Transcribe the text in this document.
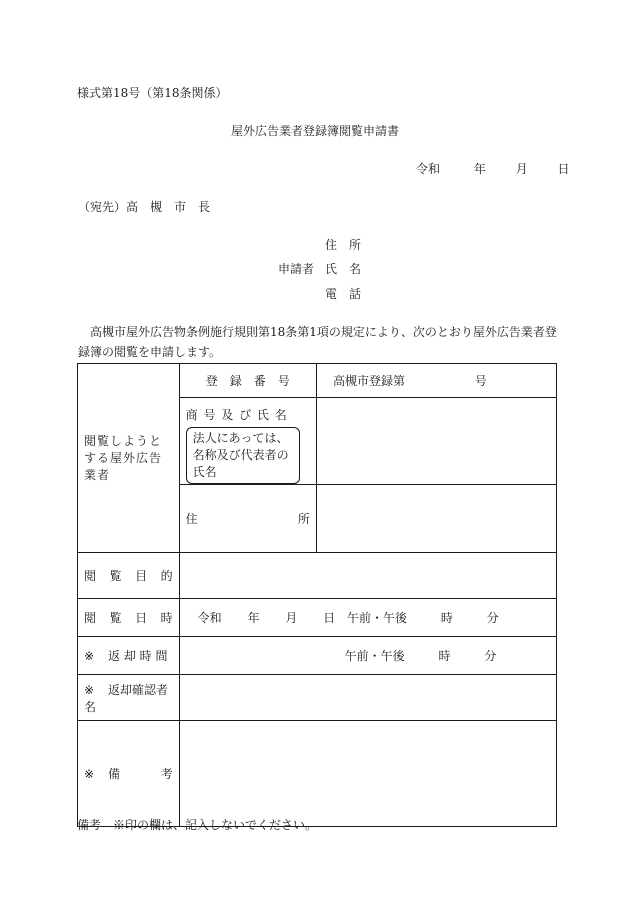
様式第18号（第18条関係）
屋外広告業者登録簿閲覧申請書
令和	年 月 日
（宛先）高　槻　市　長
住　所
申請者 氏　名
電　話
高槻市屋外広告物条例施行規則第18条第1項の規定により、次のとおり屋外広告業者登録簿の閲覧を申請します。
閲覧しようとする屋外広告業者	登　録　番　号	高槻市登録第 号

	商 号 及 び 氏 名
法人にあっては、名称及び代表者の氏名	

	住 所	

閲 覧 目 的		

閲 覧 日 時	令和 年 月 日 午前・午後 時 分	
※ 返 却 時 間	午前・午後 時 分	
※ 返却確認者名		

※ 備 考		

備考　※印の欄は、記入しないでください。
